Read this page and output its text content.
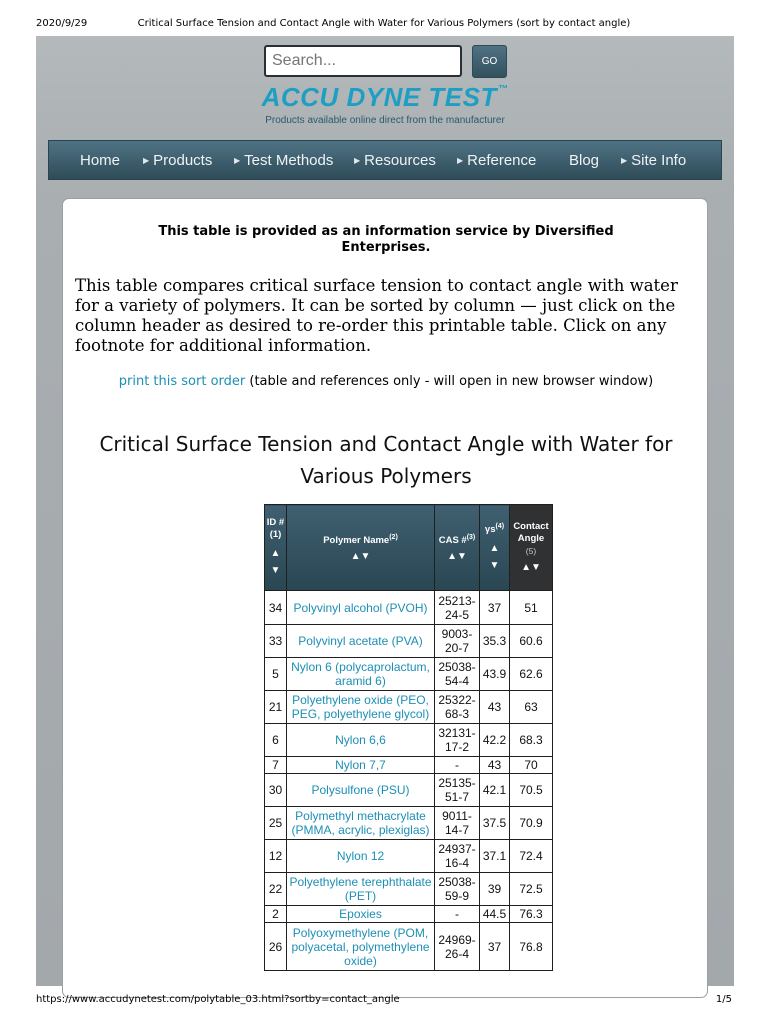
2020/9/29	Critical Surface Tension and Contact Angle with Water for Various Polymers (sort by contact angle)
Search...
GO
ACCU DYNE TEST™
Products available online direct from the manufacturer
Home	▶ Products	▶ Test Methods	▶ Resources	▶ Reference Blog	▶ Site Info
This table is provided as an information service by Diversified Enterprises.
This table compares critical surface tension to contact angle with water for a variety of polymers. It can be sorted by column — just click on the column header as desired to re-order this printable table. Click on any footnote for additional information.
print this sort order (table and references only - will open in new browser window)
Critical Surface Tension and Contact Angle with Water for Various Polymers
ID #
(1)
▲
▼	Polymer Name$^{(2)}$
▲▼	CAS #$^{(3)}$
▲▼	$\gamma s^{(4)}$
▲
▼	Contact Angle
(5)
▲▼

34	Polyvinyl alcohol (PVOH)	25213-24-5	37	51
33	Polyvinyl acetate (PVA)	9003-20-7	35.3	60.6
5	Nylon 6 (polycaprolactum, aramid 6)	25038-54-4	43.9	62.6
21	Polyethylene oxide (PEO, PEG, polyethylene glycol)	25322-68-3	43	63
6	Nylon 6,6	32131-17-2	42.2	68.3
7	Nylon 7,7	-	43	70
30	Polysulfone (PSU)	25135-51-7	42.1	70.5
25	Polymethyl methacrylate (PMMA, acrylic, plexiglas)	9011-14-7	37.5	70.9
12	Nylon 12	24937-16-4	37.1	72.4
22	Polyethylene terephthalate (PET)	25038-59-9	39	72.5
2	Epoxies	-	44.5	76.3
26	Polyoxymethylene (POM, polyacetal, polymethylene oxide)	24969-26-4	37	76.8
https://www.accudynetest.com/polytable_03.html?sortby=contact_angle	1/5
